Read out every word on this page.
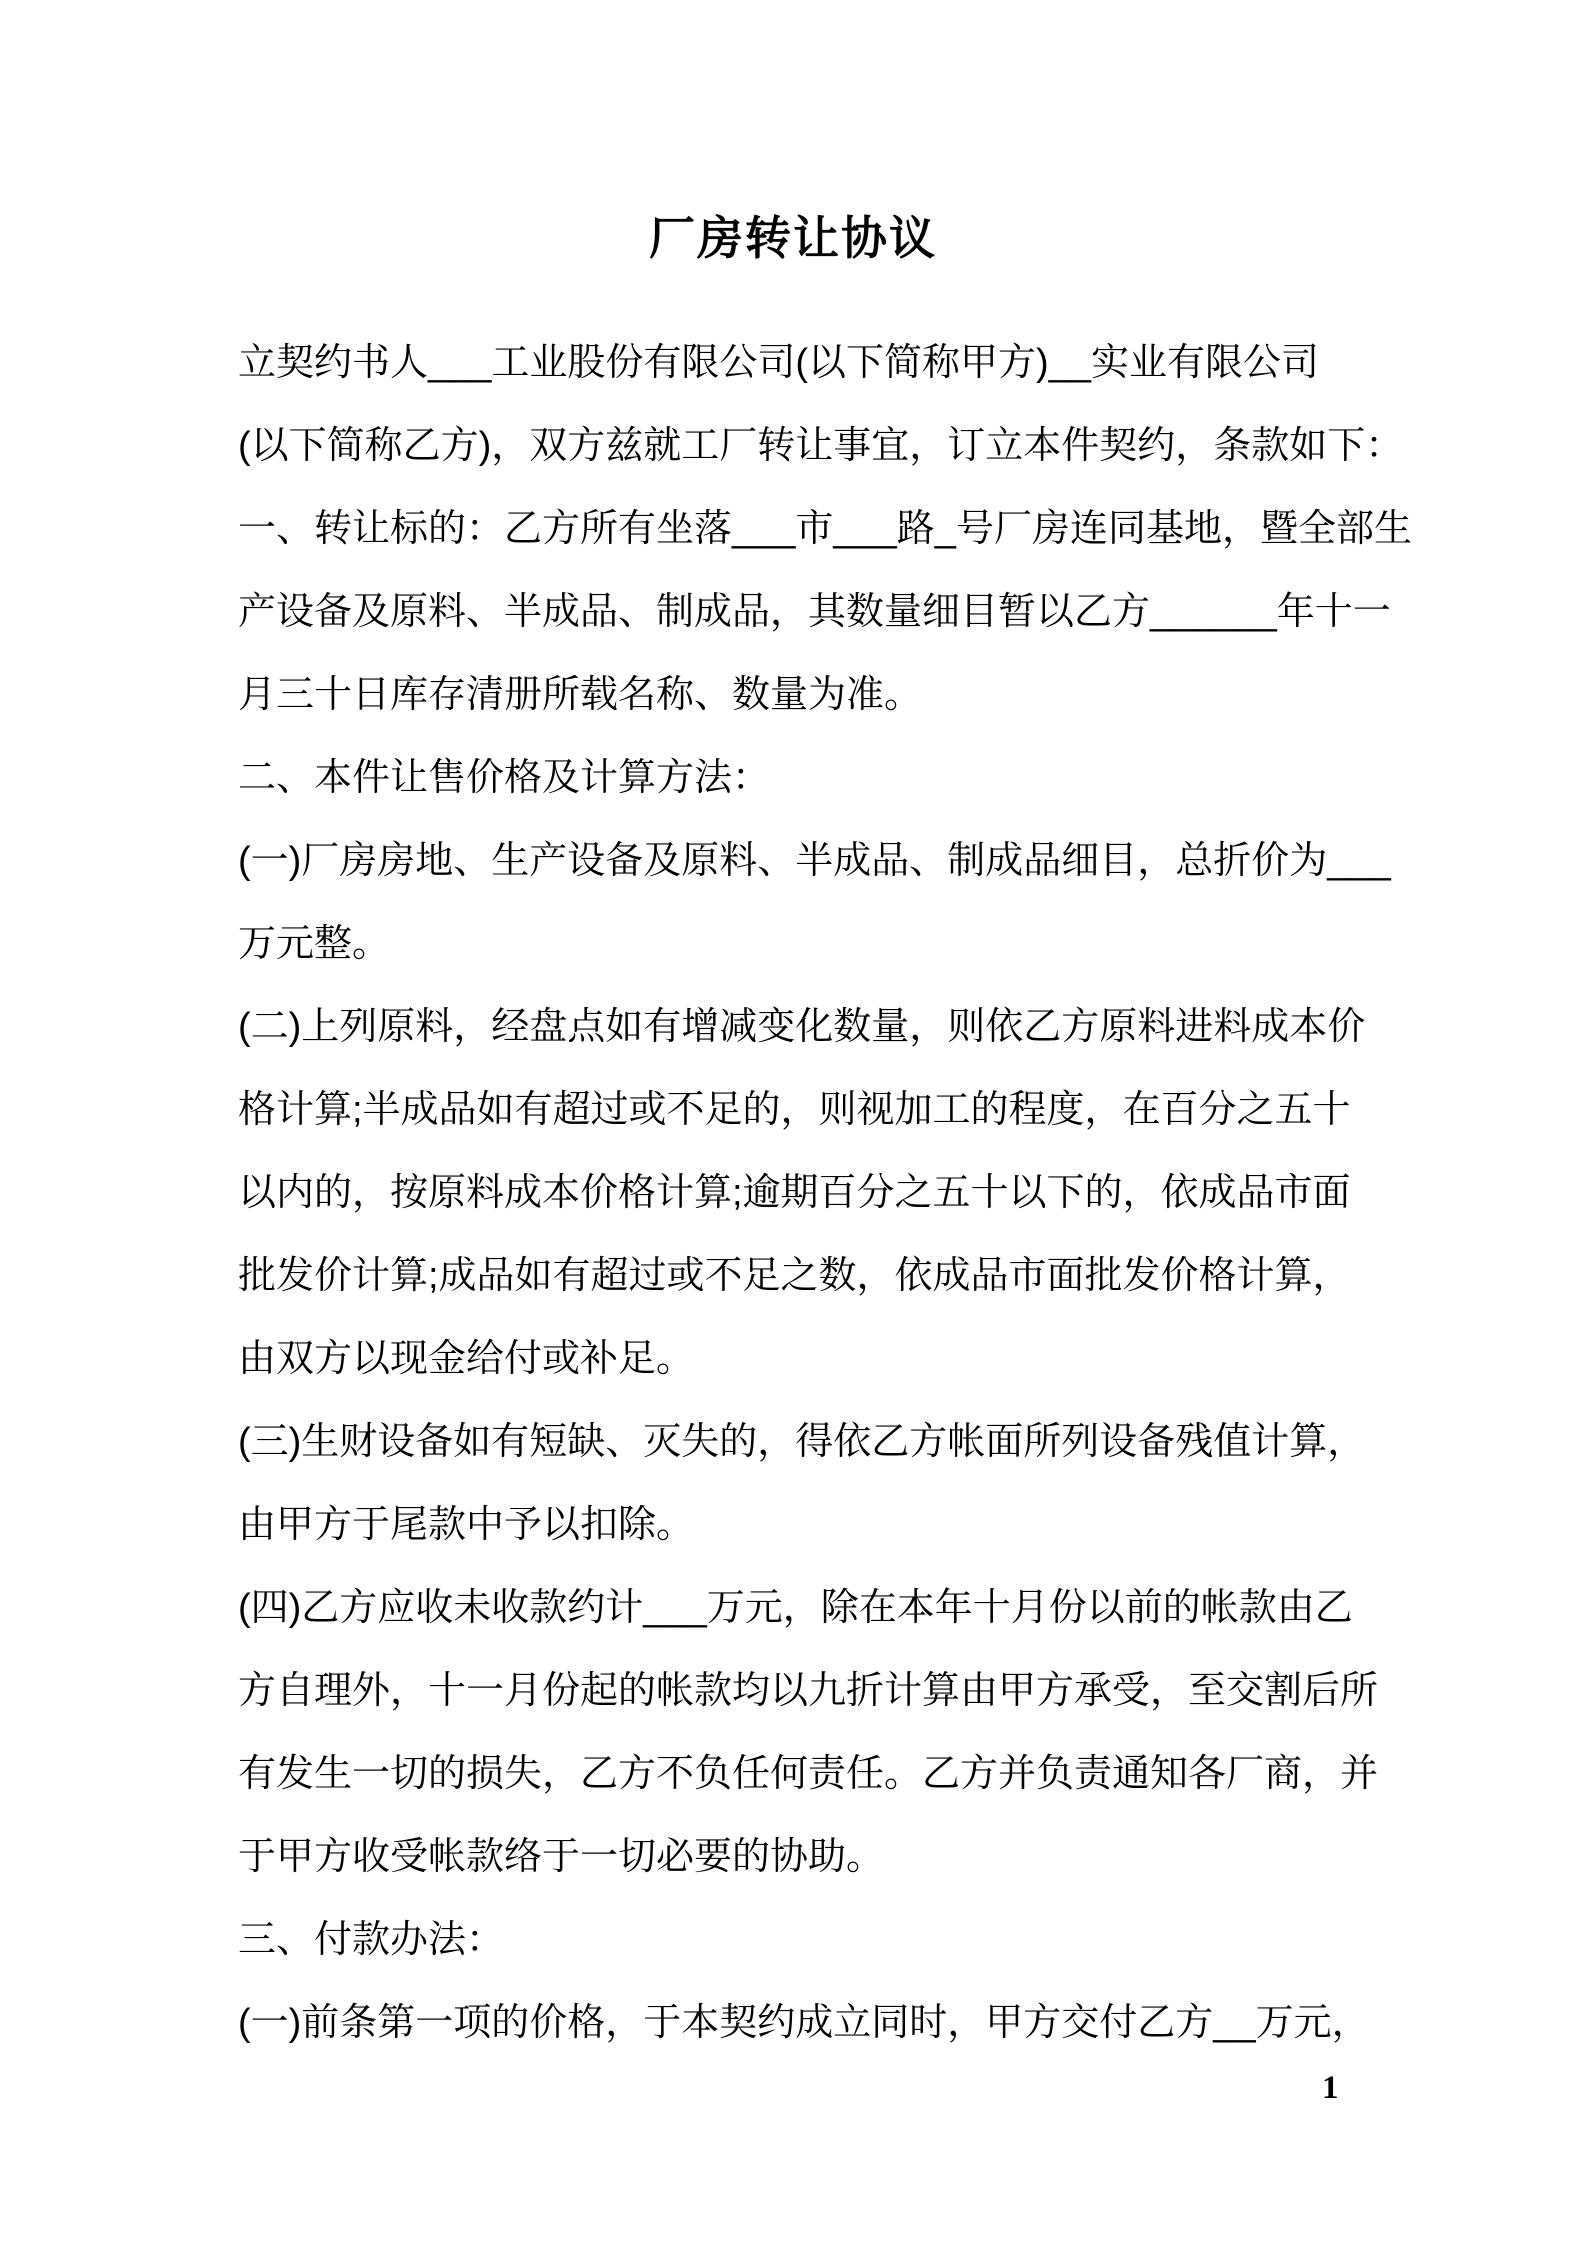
厂房转让协议
立契约书人___工业股份有限公司(以下简称甲方)__实业有限公司
(以下简称乙方)，双方兹就工厂转让事宜，订立本件契约，条款如下：
一、转让标的：乙方所有坐落___市___路_号厂房连同基地，暨全部生
产设备及原料、半成品、制成品，其数量细目暂以乙方______年十一
月三十日库存清册所载名称、数量为准。
二、本件让售价格及计算方法：
(一)厂房房地、生产设备及原料、半成品、制成品细目，总折价为___
万元整。
(二)上列原料，经盘点如有增减变化数量，则依乙方原料进料成本价
格计算;半成品如有超过或不足的，则视加工的程度，在百分之五十
以内的，按原料成本价格计算;逾期百分之五十以下的，依成品市面
批发价计算;成品如有超过或不足之数，依成品市面批发价格计算，
由双方以现金给付或补足。
(三)生财设备如有短缺、灭失的，得依乙方帐面所列设备残值计算，
由甲方于尾款中予以扣除。
(四)乙方应收未收款约计___万元，除在本年十月份以前的帐款由乙
方自理外，十一月份起的帐款均以九折计算由甲方承受，至交割后所
有发生一切的损失，乙方不负任何责任。乙方并负责通知各厂商，并
于甲方收受帐款络于一切必要的协助。
三、付款办法：
(一)前条第一项的价格，于本契约成立同时，甲方交付乙方__万元，
1
